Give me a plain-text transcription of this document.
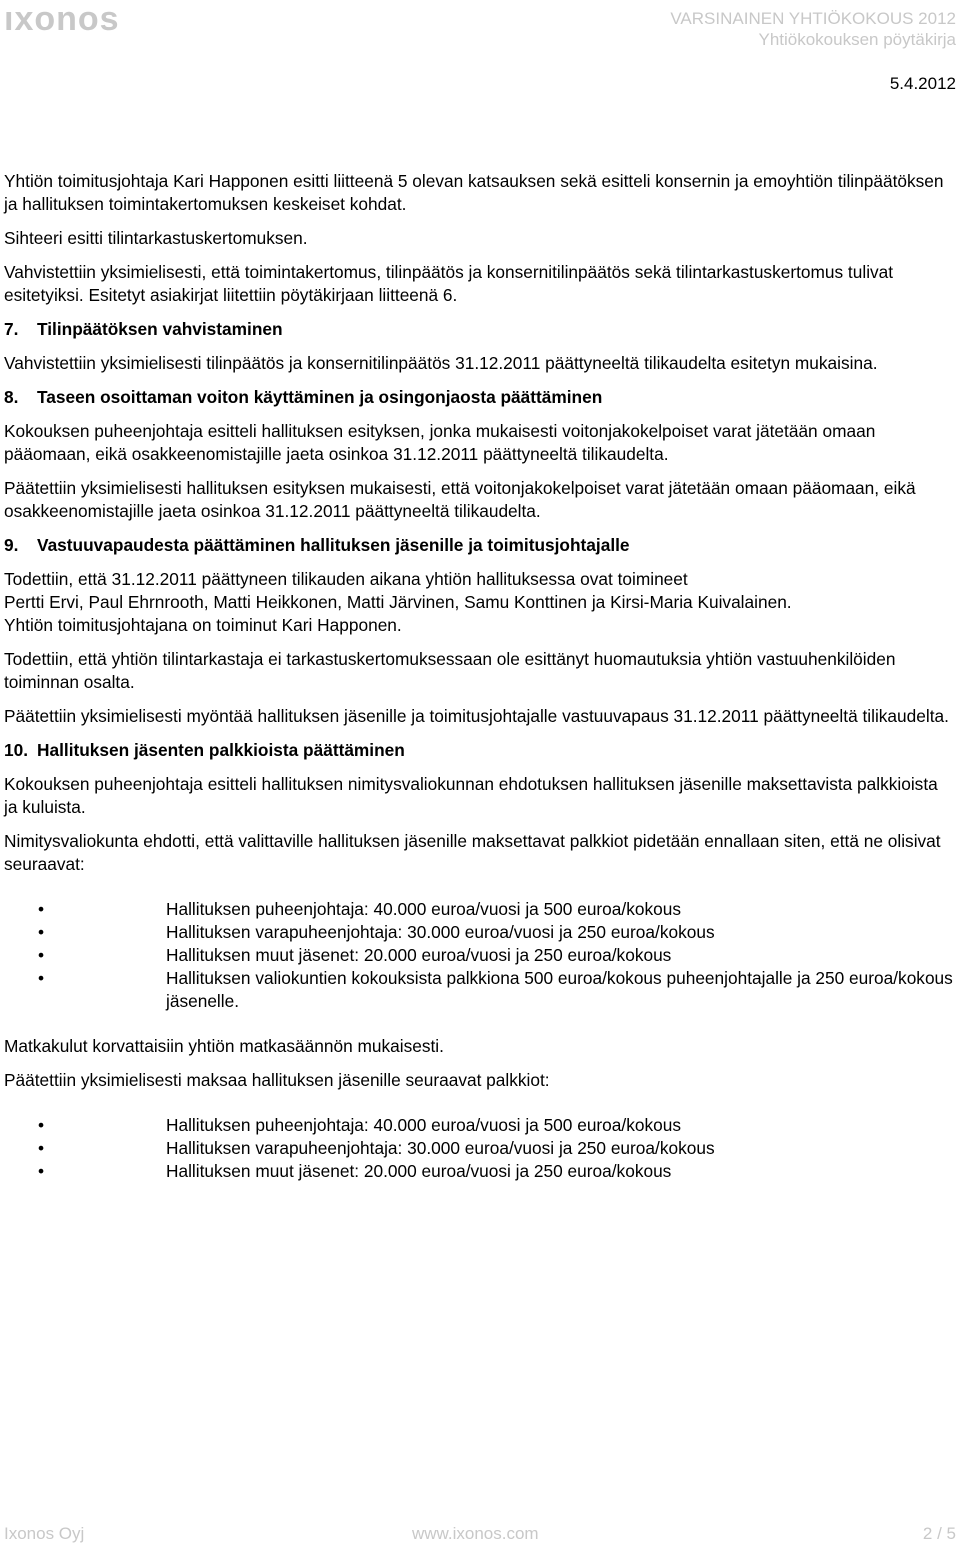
ıxonos	VARSINAINEN YHTIÖKOKOUS 2012
Yhtiökokouksen pöytäkirja
5.4.2012

Yhtiön toimitusjohtaja Kari Happonen esitti liitteenä 5 olevan katsauksen sekä esitteli konsernin ja emoyhtiön tilinpäätöksen ja hallituksen toimintakertomuksen keskeiset kohdat.

Sihteeri esitti tilintarkastuskertomuksen.

Vahvistettiin yksimielisesti, että toimintakertomus, tilinpäätös ja konsernitilinpäätös sekä tilintarkastuskertomus tulivat esitetyiksi. Esitetyt asiakirjat liitettiin pöytäkirjaan liitteenä 6.

7. Tilinpäätöksen vahvistaminen

Vahvistettiin yksimielisesti tilinpäätös ja konsernitilinpäätös 31.12.2011 päättyneeltä tilikaudelta esitetyn mukaisina.

8. Taseen osoittaman voiton käyttäminen ja osingonjaosta päättäminen

Kokouksen puheenjohtaja esitteli hallituksen esityksen, jonka mukaisesti voitonjakokelpoiset varat jätetään omaan pääomaan, eikä osakkeenomistajille jaeta osinkoa 31.12.2011 päättyneeltä tilikaudelta.

Päätettiin yksimielisesti hallituksen esityksen mukaisesti, että voitonjakokelpoiset varat jätetään omaan pääomaan, eikä osakkeenomistajille jaeta osinkoa 31.12.2011 päättyneeltä tilikaudelta.

9. Vastuuvapaudesta päättäminen hallituksen jäsenille ja toimitusjohtajalle

Todettiin, että 31.12.2011 päättyneen tilikauden aikana yhtiön hallituksessa ovat toimineet
Pertti Ervi, Paul Ehrnrooth, Matti Heikkonen, Matti Järvinen, Samu Konttinen ja Kirsi-Maria Kuivalainen.
Yhtiön toimitusjohtajana on toiminut Kari Happonen.

Todettiin, että yhtiön tilintarkastaja ei tarkastuskertomuksessaan ole esittänyt huomautuksia yhtiön vastuuhenkilöiden toiminnan osalta.

Päätettiin yksimielisesti myöntää hallituksen jäsenille ja toimitusjohtajalle vastuuvapaus 31.12.2011 päättyneeltä tilikaudelta.

10. Hallituksen jäsenten palkkioista päättäminen

Kokouksen puheenjohtaja esitteli hallituksen nimitysvaliokunnan ehdotuksen hallituksen jäsenille maksettavista palkkioista ja kuluista.

Nimitysvaliokunta ehdotti, että valittaville hallituksen jäsenille maksettavat palkkiot pidetään ennallaan siten, että ne olisivat seuraavat:

•	Hallituksen puheenjohtaja: 40.000 euroa/vuosi ja 500 euroa/kokous
•	Hallituksen varapuheenjohtaja: 30.000 euroa/vuosi ja 250 euroa/kokous
•	Hallituksen muut jäsenet: 20.000 euroa/vuosi ja 250 euroa/kokous
•	Hallituksen valiokuntien kokouksista palkkiona 500 euroa/kokous puheenjohtajalle ja 250 euroa/kokous jäsenelle.

Matkakulut korvattaisiin yhtiön matkasäännön mukaisesti.

Päätettiin yksimielisesti maksaa hallituksen jäsenille seuraavat palkkiot:

•	Hallituksen puheenjohtaja: 40.000 euroa/vuosi ja 500 euroa/kokous
•	Hallituksen varapuheenjohtaja: 30.000 euroa/vuosi ja 250 euroa/kokous
•	Hallituksen muut jäsenet: 20.000 euroa/vuosi ja 250 euroa/kokous
Ixonos Oyj	www.ixonos.com	2 / 5
